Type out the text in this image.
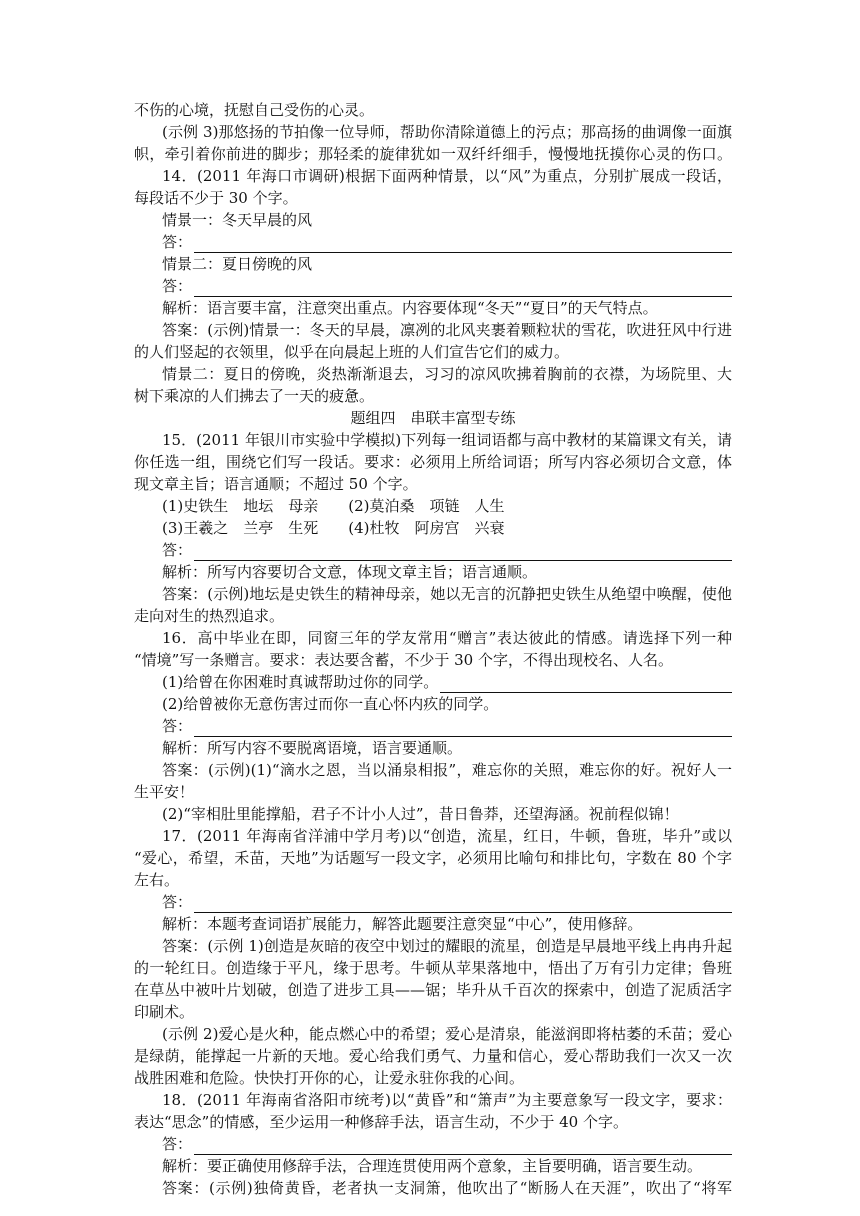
不伤的心境，抚慰自己受伤的心灵。
(示例 3)那悠扬的节拍像一位导师，帮助你清除道德上的污点；那高扬的曲调像一面旗
帜，牵引着你前进的脚步；那轻柔的旋律犹如一双纤纤细手，慢慢地抚摸你心灵的伤口。
14．(2011 年海口市调研)根据下面两种情景，以“风”为重点，分别扩展成一段话，
每段话不少于 30 个字。
情景一：冬天早晨的风
答：
情景二：夏日傍晚的风
答：
解析：语言要丰富，注意突出重点。内容要体现“冬天”“夏日”的天气特点。
答案：(示例)情景一：冬天的早晨，凛冽的北风夹裹着颗粒状的雪花，吹进狂风中行进
的人们竖起的衣领里，似乎在向晨起上班的人们宣告它们的威力。
情景二：夏日的傍晚，炎热渐渐退去，习习的凉风吹拂着胸前的衣襟，为场院里、大
树下乘凉的人们拂去了一天的疲惫。
题组四　串联丰富型专练
15．(2011 年银川市实验中学模拟)下列每一组词语都与高中教材的某篇课文有关，请
你任选一组，围绕它们写一段话。要求：必须用上所给词语；所写内容必须切合文意，体
现文章主旨；语言通顺；不超过 50 个字。
(1)史铁生　地坛　母亲　　(2)莫泊桑　项链　人生
(3)王羲之　兰亭　生死　　(4)杜牧　阿房宫　兴衰
答：
解析：所写内容要切合文意，体现文章主旨；语言通顺。
答案：(示例)地坛是史铁生的精神母亲，她以无言的沉静把史铁生从绝望中唤醒，使他
走向对生的热烈追求。
16．高中毕业在即，同窗三年的学友常用“赠言”表达彼此的情感。请选择下列一种
“情境”写一条赠言。要求：表达要含蓄，不少于 30 个字，不得出现校名、人名。
(1)给曾在你困难时真诚帮助过你的同学。
(2)给曾被你无意伤害过而你一直心怀内疚的同学。
答：
解析：所写内容不要脱离语境，语言要通顺。
答案：(示例)(1)“滴水之恩，当以涌泉相报”，难忘你的关照，难忘你的好。祝好人一
生平安！
(2)“宰相肚里能撑船，君子不计小人过”，昔日鲁莽，还望海涵。祝前程似锦！
17．(2011 年海南省洋浦中学月考)以“创造，流星，红日，牛顿，鲁班，毕升”或以
“爱心，希望，禾苗，天地”为话题写一段文字，必须用比喻句和排比句，字数在 80 个字
左右。
答：
解析：本题考查词语扩展能力，解答此题要注意突显“中心”，使用修辞。
答案：(示例 1)创造是灰暗的夜空中划过的耀眼的流星，创造是早晨地平线上冉冉升起
的一轮红日。创造缘于平凡，缘于思考。牛顿从苹果落地中，悟出了万有引力定律；鲁班
在草丛中被叶片划破，创造了进步工具——锯；毕升从千百次的探索中，创造了泥质活字
印刷术。
(示例 2)爱心是火种，能点燃心中的希望；爱心是清泉，能滋润即将枯萎的禾苗；爱心
是绿荫，能撑起一片新的天地。爱心给我们勇气、力量和信心，爱心帮助我们一次又一次
战胜困难和危险。快快打开你的心，让爱永驻你我的心间。
18．(2011 年海南省洛阳市统考)以“黄昏”和“箫声”为主要意象写一段文字，要求：
表达“思念”的情感，至少运用一种修辞手法，语言生动，不少于 40 个字。
答：
解析：要正确使用修辞手法，合理连贯使用两个意象，主旨要明确，语言要生动。
答案：(示例)独倚黄昏，老者执一支洞箫，他吹出了“断肠人在天涯”，吹出了“将军
